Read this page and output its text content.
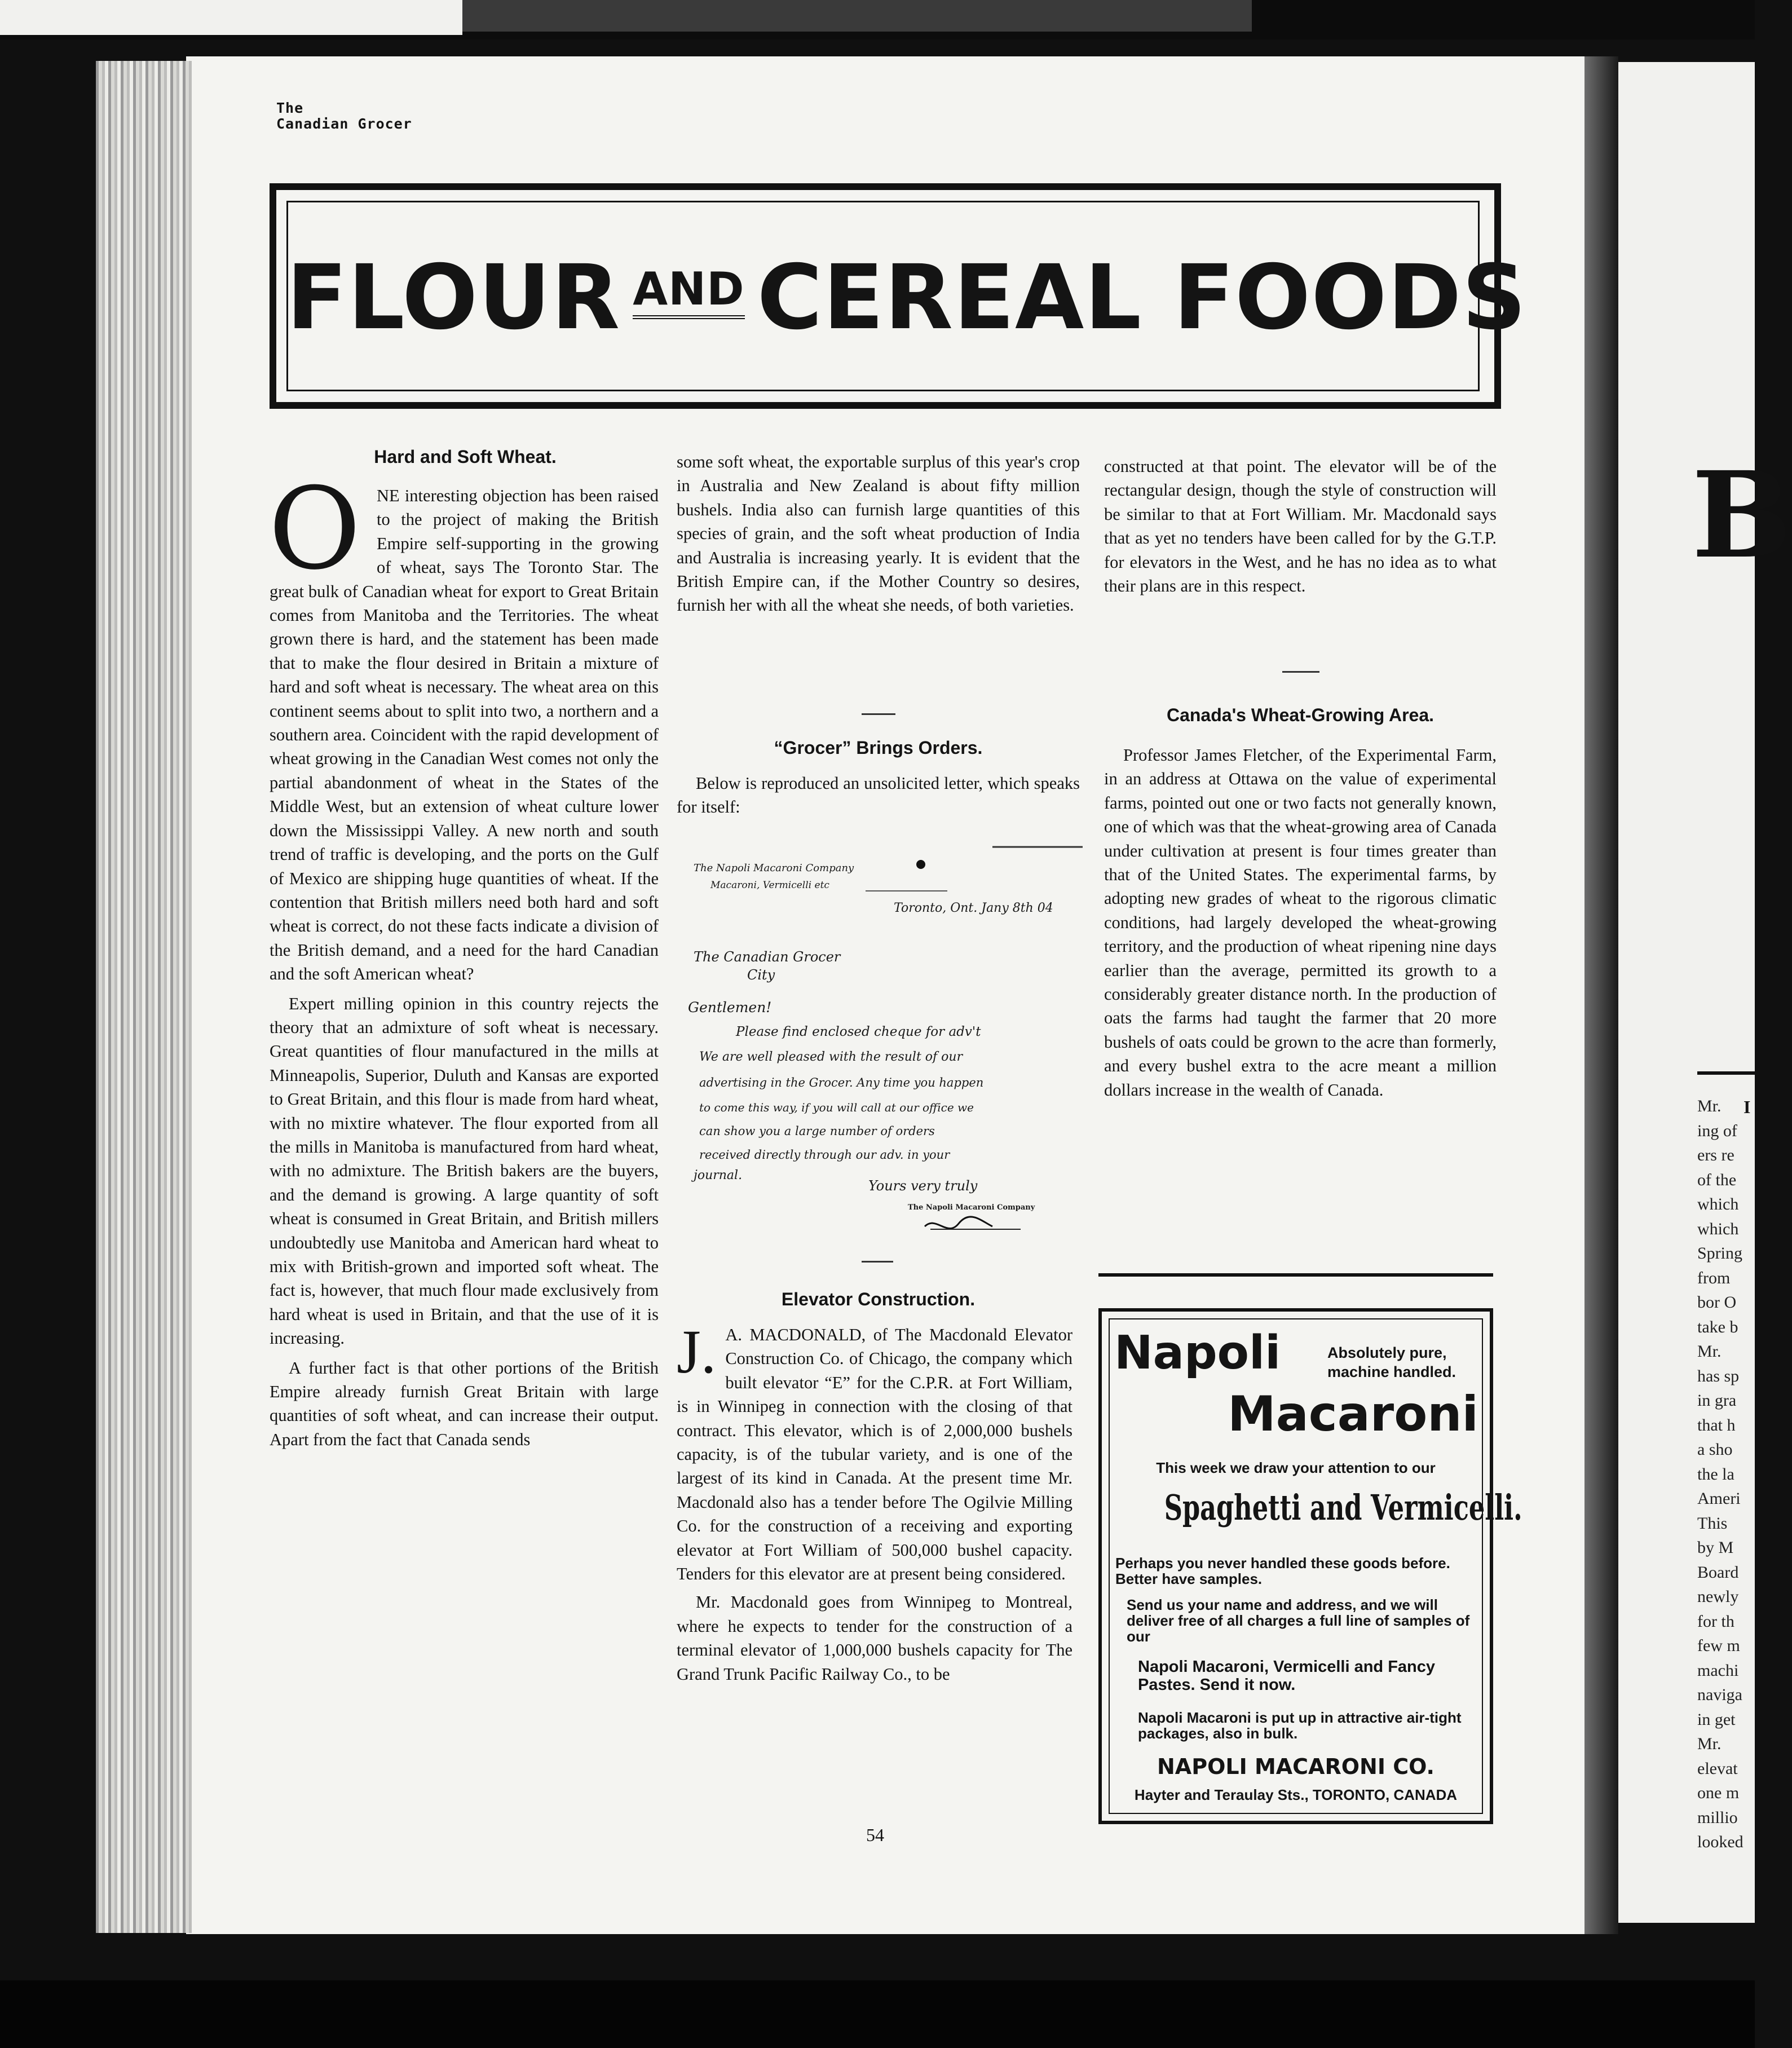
B
I
Mr.
ing of
ers re
of the
which
which
Spring
from
bor O
take b
Mr.
has sp
in gra
that h
a sho
the la
Ameri
This
by M
Board
newly
for th
few m
machi
naviga
in get
Mr.
elevat
one m
millio
looked
The
Canadian Grocer
FLOUR $^{AND}$ CEREAL FOODS
Hard and Soft Wheat.

ONE interesting objection has been raised to the project of making the British Empire self-supporting in the growing of wheat, says The Toronto Star. The great bulk of Canadian wheat for export to Great Britain comes from Manitoba and the Territories. The wheat grown there is hard, and the statement has been made that to make the flour desired in Britain a mixture of hard and soft wheat is necessary. The wheat area on this continent seems about to split into two, a northern and a southern area. Coincident with the rapid development of wheat growing in the Canadian West comes not only the partial abandonment of wheat in the States of the Middle West, but an extension of wheat culture lower down the Mississippi Valley. A new north and south trend of traffic is developing, and the ports on the Gulf of Mexico are shipping huge quantities of wheat. If the contention that British millers need both hard and soft wheat is correct, do not these facts indicate a division of the British demand, and a need for the hard Canadian and the soft American wheat?

Expert milling opinion in this country rejects the theory that an admixture of soft wheat is necessary. Great quantities of flour manufactured in the mills at Minneapolis, Superior, Duluth and Kansas are exported to Great Britain, and this flour is made from hard wheat, with no mixtire whatever. The flour exported from all the mills in Manitoba is manufactured from hard wheat, with no admixture. The British bakers are the buyers, and the demand is growing. A large quantity of soft wheat is consumed in Great Britain, and British millers undoubtedly use Manitoba and American hard wheat to mix with British-grown and imported soft wheat. The fact is, however, that much flour made exclusively from hard wheat is used in Britain, and that the use of it is increasing.

A further fact is that other portions of the British Empire already furnish Great Britain with large quantities of soft wheat, and can increase their output. Apart from the fact that Canada sends

some soft wheat, the exportable surplus of this year's crop in Australia and New Zealand is about fifty million bushels. India also can furnish large quantities of this species of grain, and the soft wheat production of India and Australia is increasing yearly. It is evident that the British Empire can, if the Mother Country so desires, furnish her with all the wheat she needs, of both varieties.

“Grocer” Brings Orders.

Below is reproduced an unsolicited letter, which speaks for itself:

The Napoli Macaroni Company
Macaroni, Vermicelli etc
Toronto, Ont. Jany 8th 04
The Canadian Grocer
City
Gentlemen!
Please find enclosed cheque for adv't
We are well pleased with the result of our
advertising in the Grocer. Any time you happen
to come this way, if you will call at our office we
can show you a large number of orders
received directly through our adv. in your
journal.
Yours very truly
The Napoli Macaroni Company
Elevator Construction.

J. A. MACDONALD, of The Macdonald Elevator Construction Co. of Chicago, the company which built elevator “E” for the C.P.R. at Fort William, is in Winnipeg in connection with the closing of that contract. This elevator, which is of 2,000,000 bushels capacity, is of the tubular variety, and is one of the largest of its kind in Canada. At the present time Mr. Macdonald also has a tender before The Ogilvie Milling Co. for the construction of a receiving and exporting elevator at Fort William of 500,000 bushel capacity. Tenders for this elevator are at present being considered.

Mr. Macdonald goes from Winnipeg to Montreal, where he expects to tender for the construction of a terminal elevator of 1,000,000 bushels capacity for The Grand Trunk Pacific Railway Co., to be

constructed at that point. The elevator will be of the rectangular design, though the style of construction will be similar to that at Fort William. Mr. Macdonald says that as yet no tenders have been called for by the G.T.P. for elevators in the West, and he has no idea as to what their plans are in this respect.

Canada's Wheat-Growing Area.

Professor James Fletcher, of the Experimental Farm, in an address at Ottawa on the value of experimental farms, pointed out one or two facts not generally known, one of which was that the wheat-growing area of Canada under cultivation at present is four times greater than that of the United States. The experimental farms, by adopting new grades of wheat to the rigorous climatic conditions, had largely developed the wheat-growing territory, and the production of wheat ripening nine days earlier than the average, permitted its growth to a considerably greater distance north. In the production of oats the farms had taught the farmer that 20 more bushels of oats could be grown to the acre than formerly, and every bushel extra to the acre meant a million dollars increase in the wealth of Canada.

Napoli	Absolutely pure,
machine handled.
Macaroni
This week we draw your attention to our
Spaghetti and Vermicelli.
Perhaps you never handled these goods before. Better have samples.
Send us your name and address, and we will deliver free of all charges a full line of samples of our
Napoli Macaroni, Vermicelli and Fancy Pastes. Send it now.
Napoli Macaroni is put up in attractive air-tight packages, also in bulk.
NAPOLI MACARONI CO.
Hayter and Teraulay Sts., TORONTO, CANADA
54
